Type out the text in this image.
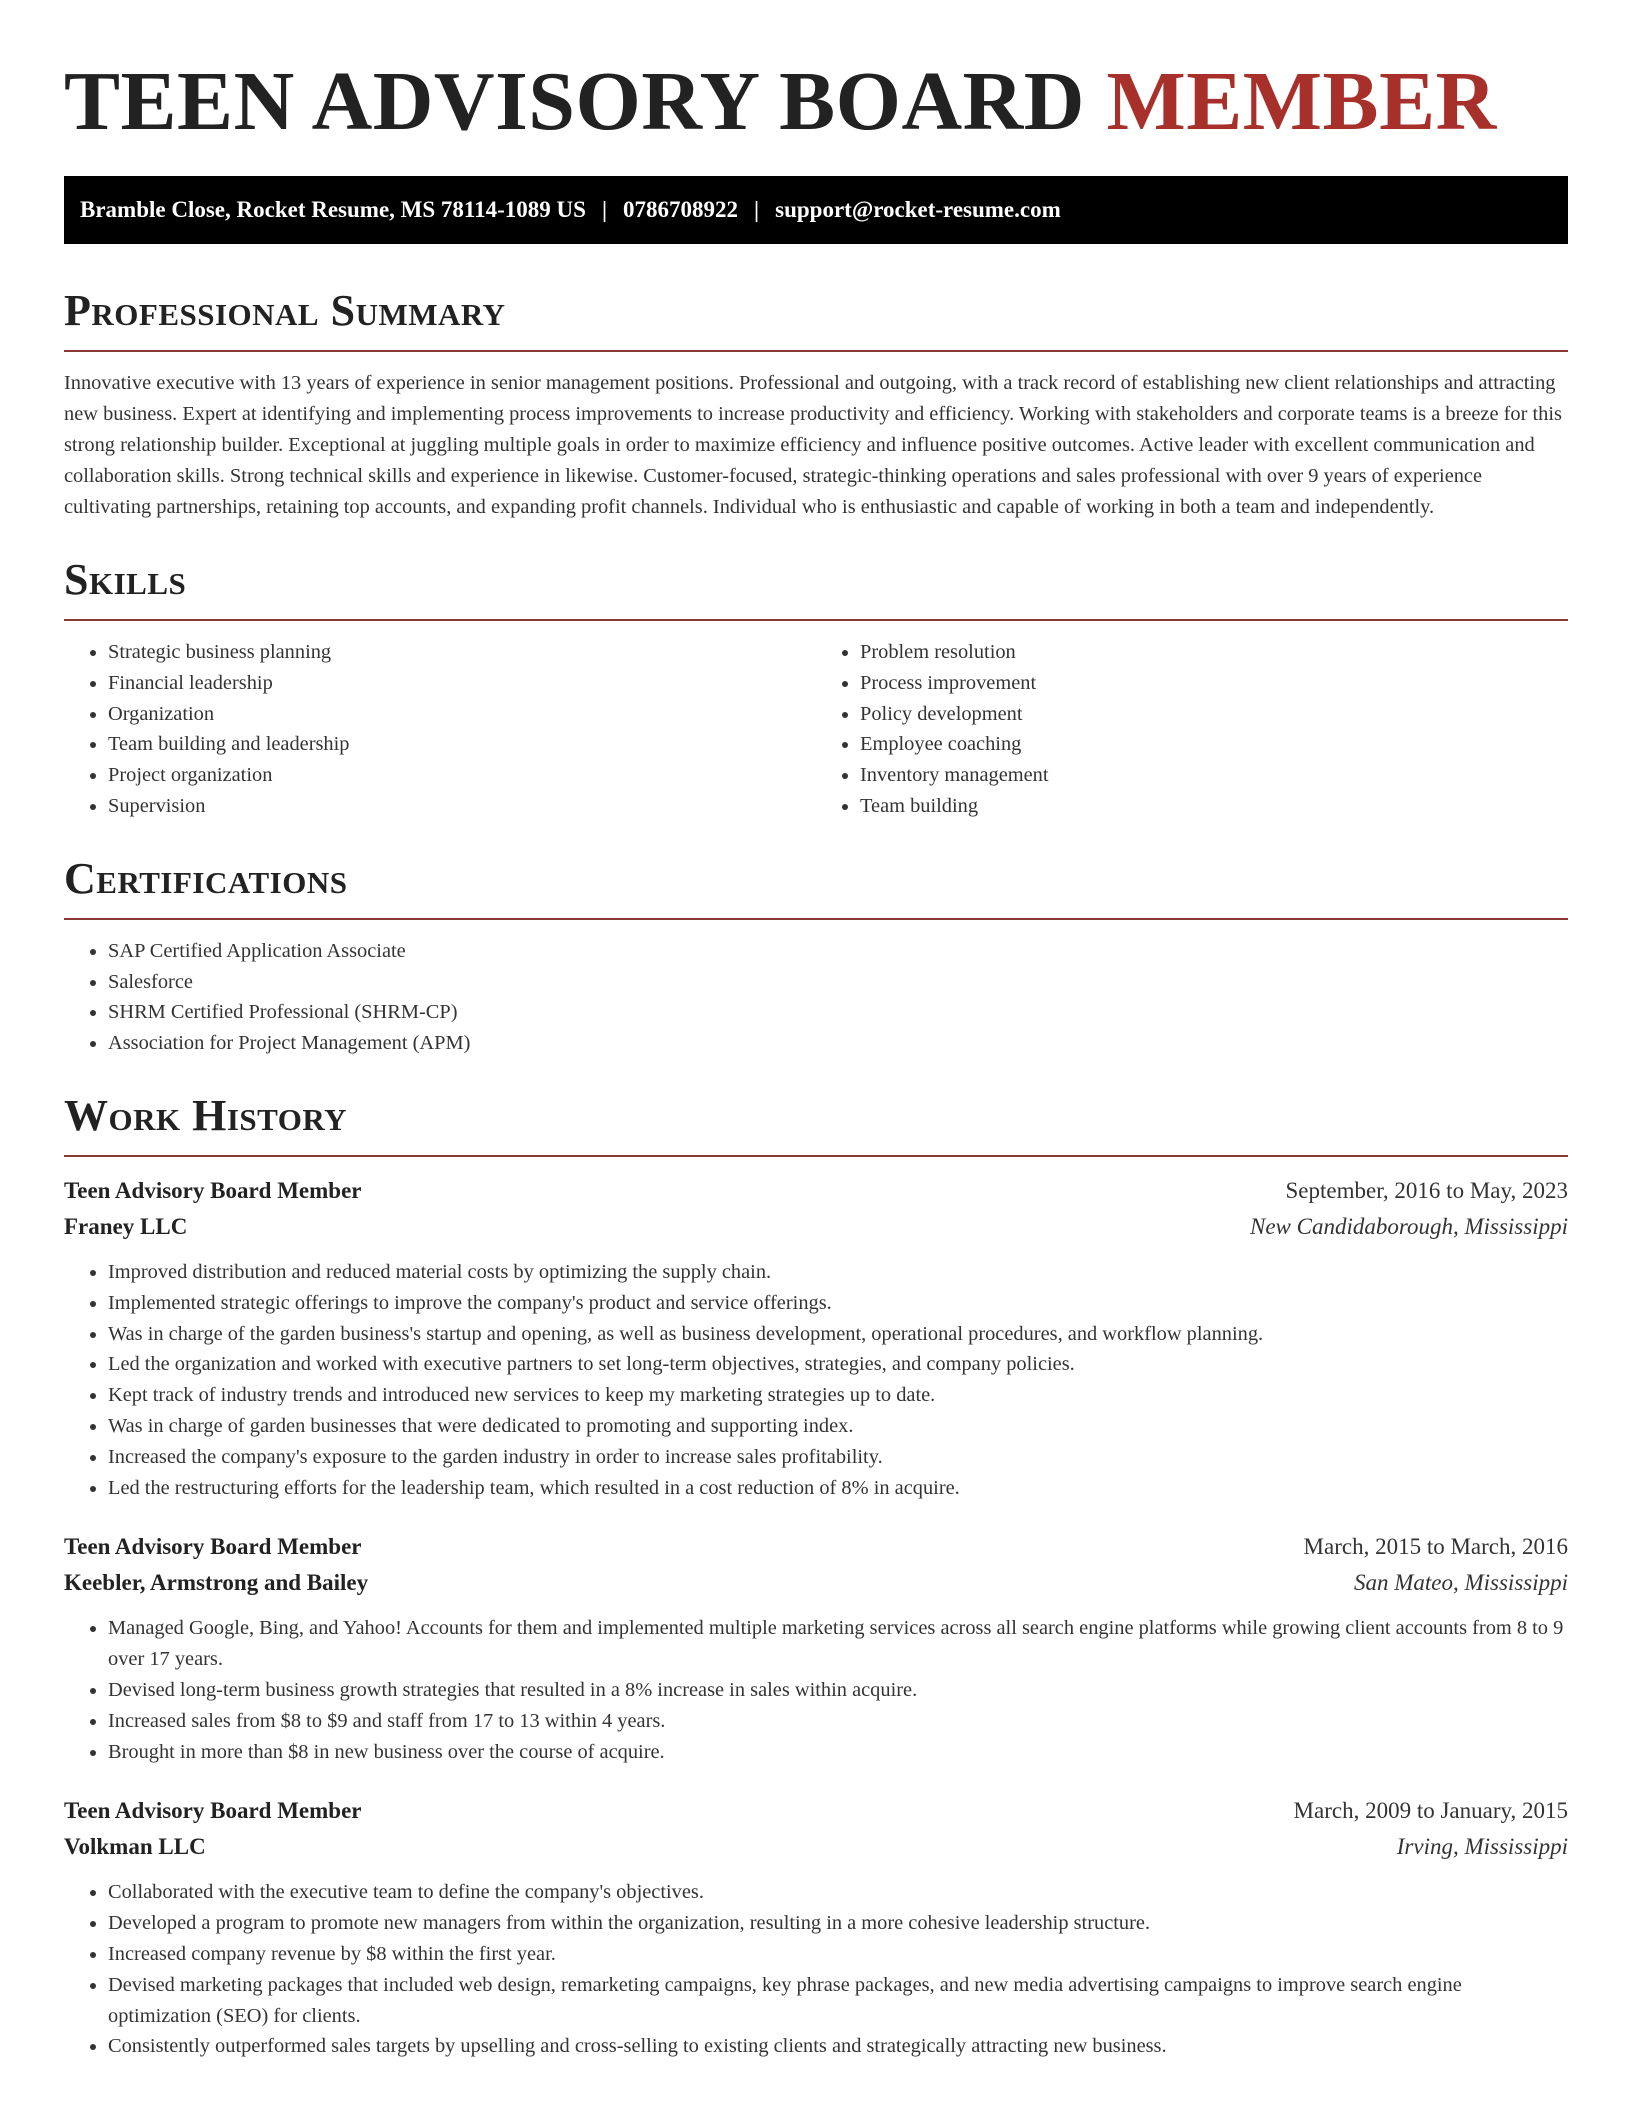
TEEN ADVISORY BOARD MEMBER
Bramble Close, Rocket Resume, MS 78114-1089 US | 0786708922 | support@rocket-resume.com
Professional Summary

Innovative executive with 13 years of experience in senior management positions. Professional and outgoing, with a track record of establishing new client relationships and attracting new business. Expert at identifying and implementing process improvements to increase productivity and efficiency. Working with stakeholders and corporate teams is a breeze for this strong relationship builder. Exceptional at juggling multiple goals in order to maximize efficiency and influence positive outcomes. Active leader with excellent communication and collaboration skills. Strong technical skills and experience in likewise. Customer-focused, strategic-thinking operations and sales professional with over 9 years of experience cultivating partnerships, retaining top accounts, and expanding profit channels. Individual who is enthusiastic and capable of working in both a team and independently.

Skills
• Strategic business planning
• Financial leadership
• Organization
• Team building and leadership
• Project organization
• Supervision
• Problem resolution
• Process improvement
• Policy development
• Employee coaching
• Inventory management
• Team building
Certifications
• SAP Certified Application Associate
• Salesforce
• SHRM Certified Professional (SHRM-CP)
• Association for Project Management (APM)
Work History
Teen Advisory Board Member	September, 2016 to May, 2023
Franey LLC	New Candidaborough, Mississippi
• Improved distribution and reduced material costs by optimizing the supply chain.
• Implemented strategic offerings to improve the company's product and service offerings.
• Was in charge of the garden business's startup and opening, as well as business development, operational procedures, and workflow planning.
• Led the organization and worked with executive partners to set long-term objectives, strategies, and company policies.
• Kept track of industry trends and introduced new services to keep my marketing strategies up to date.
• Was in charge of garden businesses that were dedicated to promoting and supporting index.
• Increased the company's exposure to the garden industry in order to increase sales profitability.
• Led the restructuring efforts for the leadership team, which resulted in a cost reduction of 8% in acquire.
Teen Advisory Board Member	March, 2015 to March, 2016
Keebler, Armstrong and Bailey	San Mateo, Mississippi
• Managed Google, Bing, and Yahoo! Accounts for them and implemented multiple marketing services across all search engine platforms while growing client accounts from 8 to 9 over 17 years.
• Devised long-term business growth strategies that resulted in a 8% increase in sales within acquire.
• Increased sales from $8 to $9 and staff from 17 to 13 within 4 years.
• Brought in more than $8 in new business over the course of acquire.
Teen Advisory Board Member	March, 2009 to January, 2015
Volkman LLC	Irving, Mississippi
• Collaborated with the executive team to define the company's objectives.
• Developed a program to promote new managers from within the organization, resulting in a more cohesive leadership structure.
• Increased company revenue by $8 within the first year.
• Devised marketing packages that included web design, remarketing campaigns, key phrase packages, and new media advertising campaigns to improve search engine optimization (SEO) for clients.
• Consistently outperformed sales targets by upselling and cross-selling to existing clients and strategically attracting new business.
